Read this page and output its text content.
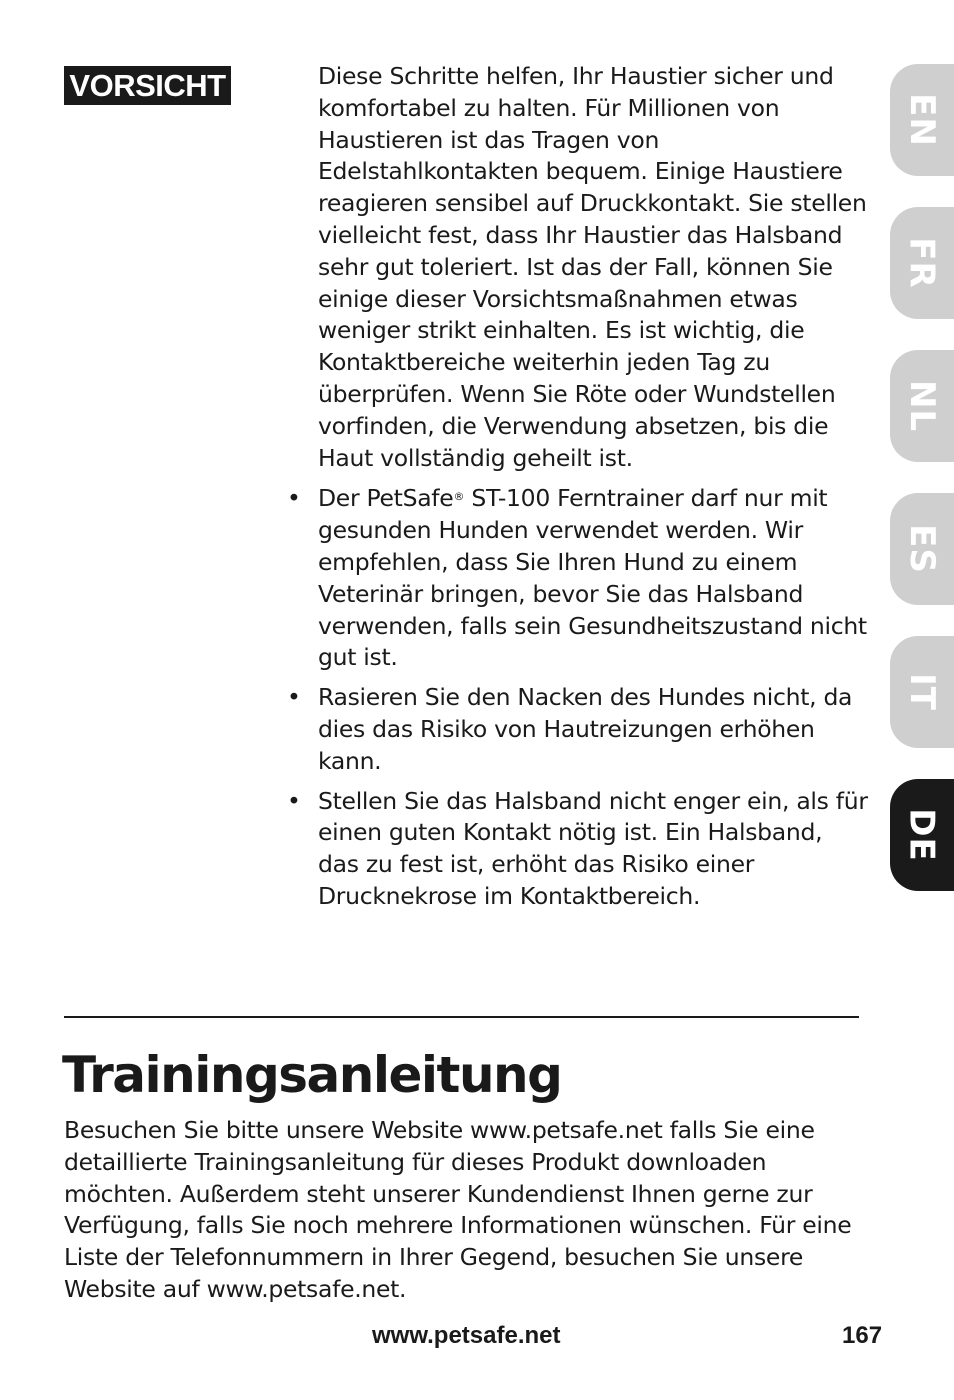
VORSICHT	Diese Schritte helfen, Ihr Haustier sicher und komfortabel zu halten. Für Millionen von Haustieren ist das Tragen von Edelstahlkontakten bequem. Einige Haustiere reagieren sensibel auf Druckkontakt. Sie stellen vielleicht fest, dass Ihr Haustier das Halsband sehr gut toleriert. Ist das der Fall, können Sie einige dieser Vorsichtsmaßnahmen etwas weniger strikt einhalten. Es ist wichtig, die Kontaktbereiche weiterhin jeden Tag zu überprüfen. Wenn Sie Röte oder Wundstellen vorfinden, die Verwendung absetzen, bis die Haut vollständig geheilt ist.

• Der PetSafe® ST-100 Ferntrainer darf nur mit gesunden Hunden verwendet werden. Wir empfehlen, dass Sie Ihren Hund zu einem Veterinär bringen, bevor Sie das Halsband verwenden, falls sein Gesundheitszustand nicht gut ist.
• Rasieren Sie den Nacken des Hundes nicht, da dies das Risiko von Hautreizungen erhöhen kann.
• Stellen Sie das Halsband nicht enger ein, als für einen guten Kontakt nötig ist. Ein Halsband, das zu fest ist, erhöht das Risiko einer Drucknekrose im Kontaktbereich.
EN
FR
NL
ES
IT
DE
Trainingsanleitung

Besuchen Sie bitte unsere Website www.petsafe.net falls Sie eine detaillierte Trainingsanleitung für dieses Produkt downloaden möchten. Außerdem steht unserer Kundendienst Ihnen gerne zur Verfügung, falls Sie noch mehrere Informationen wünschen. Für eine Liste der Telefonnummern in Ihrer Gegend, besuchen Sie unsere Website auf www.petsafe.net.

www.petsafe.net	167
